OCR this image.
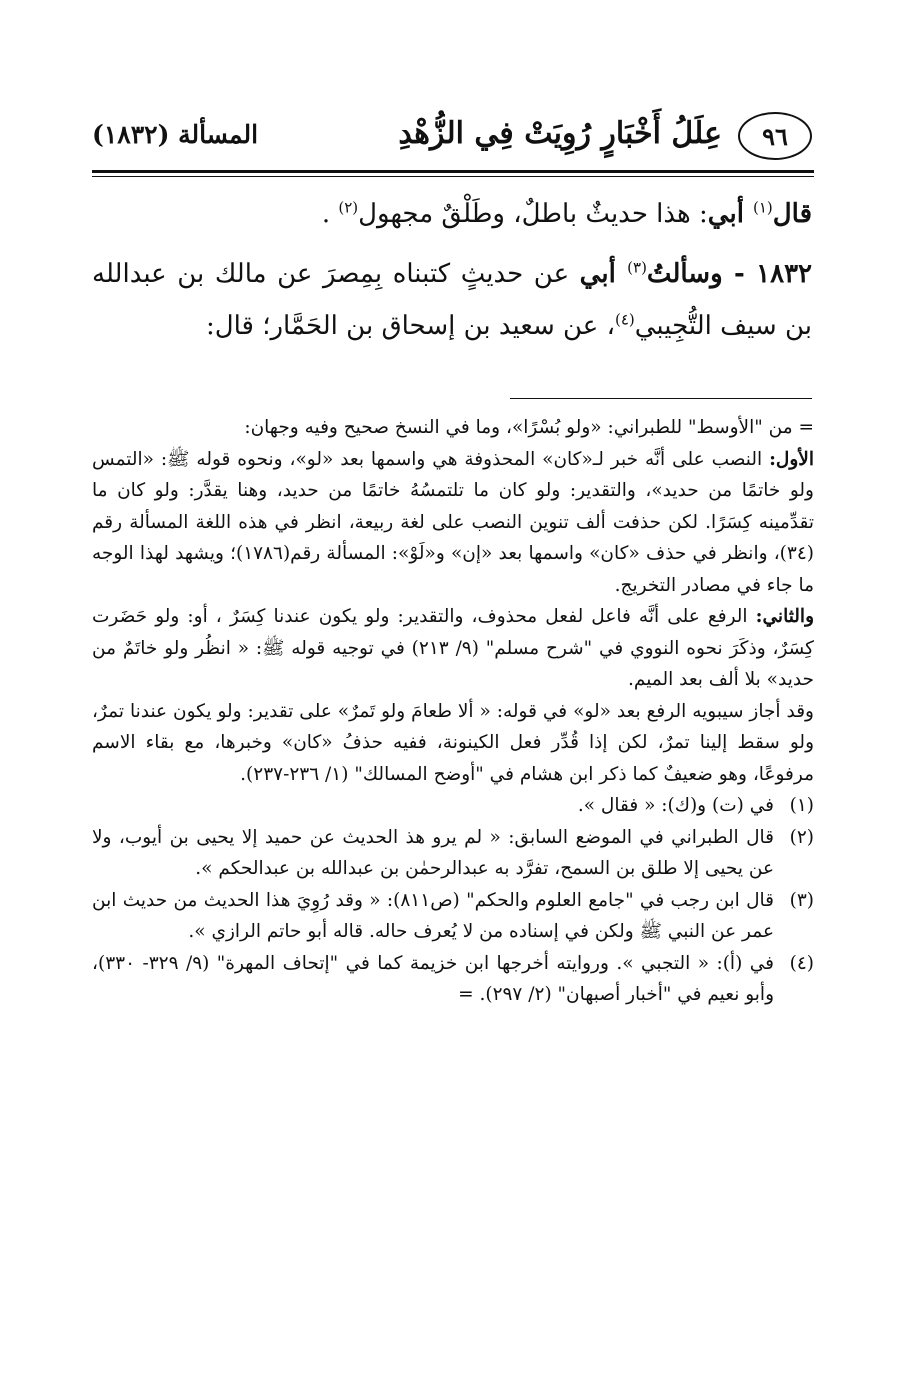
٩٦
عِلَلُ أَخْبَارٍ رُوِيَتْ فِي الزُّهْدِ
المسألة (١٨٣٢)

قال$^{(١)}$ أبي: هذا حديثٌ باطلٌ، وطَلْقٌ مجهول$^{(٢)}$ .

١٨٣٢ - وسألتُ$^{(٣)}$ أبي عن حديثٍ كتبناه بِمِصرَ عن مالك بن عبدالله بن سيف التُّجِيبي$^{(٤)}$، عن سعيد بن إسحاق بن الحَمَّار؛ قال:

= من "الأوسط" للطبراني: «ولو بُسْرًا»، وما في النسخ صحيح وفيه وجهان:

الأول: النصب على أنَّه خبر لـ«كان» المحذوفة هي واسمها بعد «لو»، ونحوه قوله ﷺ: «التمس ولو خاتمًا من حديد»، والتقدير: ولو كان ما تلتمسُهُ خاتمًا من حديد، وهنا يقدَّر: ولو كان ما تقدِّمينه كِسَرًا. لكن حذفت ألف تنوين النصب على لغة ربيعة، انظر في هذه اللغة المسألة رقم (٣٤)، وانظر في حذف «كان» واسمها بعد «إن» و«لَوْ»: المسألة رقم(١٧٨٦)؛ ويشهد لهذا الوجه ما جاء في مصادر التخريج.

والثاني: الرفع على أنَّه فاعل لفعل محذوف، والتقدير: ولو يكون عندنا كِسَرٌ ، أو: ولو حَضَرت كِسَرٌ، وذكَرَ نحوه النووي في "شرح مسلم" (٩/ ٢١٣) في توجيه قوله ﷺ: « انظُر ولو خاتَمٌ من حديد» بلا ألف بعد الميم.

وقد أجاز سيبويه الرفع بعد «لو» في قوله: « ألا طعامَ ولو تَمرٌ» على تقدير: ولو يكون عندنا تمرٌ، ولو سقط إلينا تمرٌ، لكن إذا قُدِّر فعل الكينونة، ففيه حذفُ «كان» وخبرها، مع بقاء الاسم مرفوعًا، وهو ضعيفٌ كما ذكر ابن هشام في "أوضح المسالك" (١/ ٢٣٦-٢٣٧).

(١)
في (ت) و(ك): « فقال ».
(٢)
قال الطبراني في الموضع السابق: « لم يرو هذ الحديث عن حميد إلا يحيى بن أيوب، ولا عن يحيى إلا طلق بن السمح، تفرَّد به عبدالرحمٰن بن عبدالله بن عبدالحكم ».
(٣)
قال ابن رجب في "جامع العلوم والحكم" (ص٨١١): « وقد رُوِيَ هذا الحديث من حديث ابن عمر عن النبي ﷺ ولكن في إسناده من لا يُعرف حاله. قاله أبو حاتم الرازي ».
(٤)
في (أ): « التجبي ». وروايته أخرجها ابن خزيمة كما في "إتحاف المهرة" (٩/ ٣٢٩- ٣٣٠)، وأبو نعيم في "أخبار أصبهان" (٢/ ٢٩٧). =
